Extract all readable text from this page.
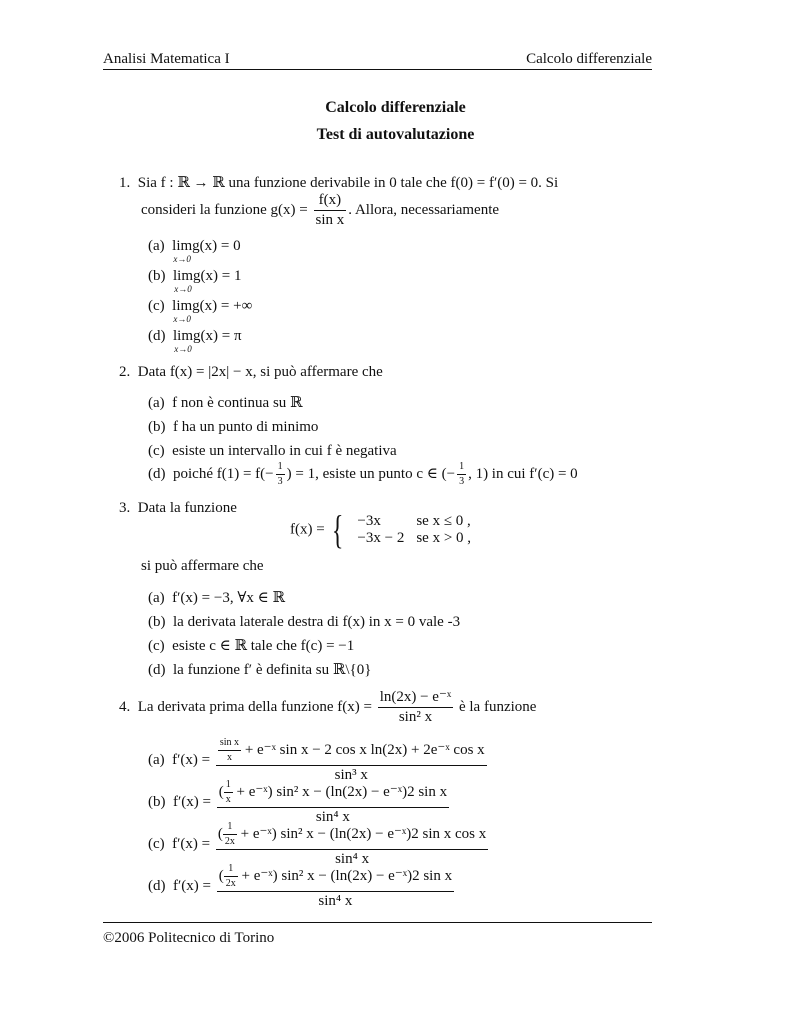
Analisi Matematica I	Calcolo differenziale
Calcolo differenziale
Test di autovalutazione
1. Sia f : ℝ → ℝ una funzione derivabile in 0 tale che f(0) = f′(0) = 0. Si
consideri la funzione $g(x) = \frac{f(x)}{\text{sin x}}$ . Allora, necessariamente
(a) lim
x→0
g(x) = 0
(b) lim
x→0
g(x) = 1
(c) lim
x→0
g(x) = +∞
(d) lim
x→0
g(x) = π
2. Data f(x) = |2x| − x, si può affermare che
(a) f non è continua su ℝ
(b) f ha un punto di minimo
(c) esiste un intervallo in cui f è negativa
(d) poiché $f(1) = f(- \frac{1}{3}$ ) = 1, esiste un punto c ∈ (− $\frac{1}{3}$ , 1) in cui f′(c) = 0
3. Data la funzione
f(x) = { −3x	se x ≤ 0 ,
−3x − 2	se x > 0 ,
si può affermare che
(a) f′(x) = −3, ∀x ∈ ℝ
(b) la derivata laterale destra di f(x) in x = 0 vale -3
(c) esiste c ∈ ℝ tale che f(c) = −1
(d) la funzione f′ è definita su ℝ\{0}
4. La derivata prima della funzione $f(x) = \frac{\text{ln(2x) − e⁻ˣ}}{\text{sin² x}}$ è la funzione
(a) $f'(x) = \frac{\frac{\text{sin x}}{x} + e^-ˣ \sin x - 2 \cos x \ln(2x) + 2e^-ˣ \cos x}{\text{sin³ x}}$
(b) $f'(x) = \frac{( \frac{1}{x} + e^-ˣ) \sin^2 x - (\ln(2x) - e^-ˣ)2 \sin x}{\text{sin⁴ x}}$
(c) $f'(x) = \frac{( \frac{1}{2x} + e^-ˣ) \sin^2 x - (\ln(2x) - e^-ˣ)2 \sin x \cos x}{\text{sin⁴ x}}$
(d) $f'(x) = \frac{( \frac{1}{2x} + e^-ˣ) \sin^2 x - (\ln(2x) - e^-ˣ)2 \sin x}{\text{sin⁴ x}}$
©2006 Politecnico di Torino
